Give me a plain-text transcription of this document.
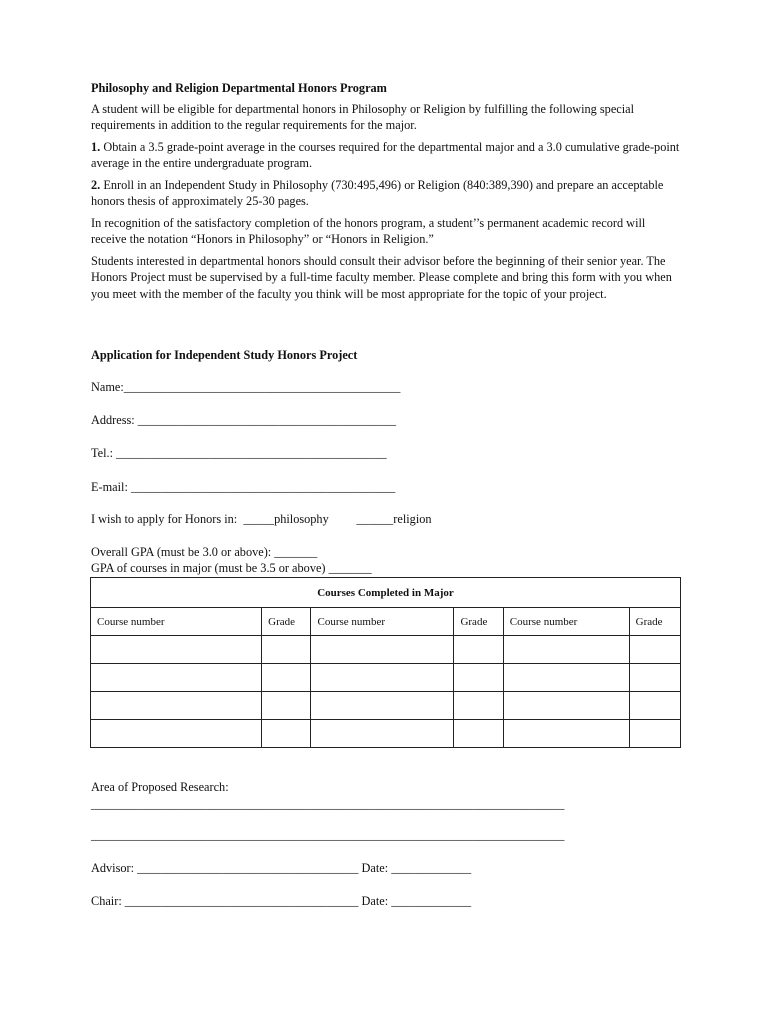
Philosophy and Religion Departmental Honors Program

A student will be eligible for departmental honors in Philosophy or Religion by fulfilling the following special requirements in addition to the regular requirements for the major.

1. Obtain a 3.5 grade-point average in the courses required for the departmental major and a 3.0 cumulative grade-point average in the entire undergraduate program.

2. Enroll in an Independent Study in Philosophy (730:495,496) or Religion (840:389,390) and prepare an acceptable honors thesis of approximately 25-30 pages.

In recognition of the satisfactory completion of the honors program, a student’’s permanent academic record will receive the notation “Honors in Philosophy” or “Honors in Religion.”

Students interested in departmental honors should consult their advisor before the beginning of their senior year. The Honors Project must be supervised by a full-time faculty member. Please complete and bring this form with you when you meet with the member of the faculty you think will be most appropriate for the topic of your project.

Application for Independent Study Honors Project
Name:_____________________________________________
Address: __________________________________________
Tel.: ____________________________________________
E-mail: ___________________________________________
I wish to apply for Honors in:  _____philosophy         ______religion
Overall GPA (must be 3.0 or above): _______
GPA of courses in major (must be 3.5 or above) _______
Courses Completed in Major					
Course number	Grade	Course number	Grade	Course number	Grade

Area of Proposed Research:
_____________________________________________________________________________
_____________________________________________________________________________
Advisor: ____________________________________ Date: _____________
Chair: ______________________________________ Date: _____________
